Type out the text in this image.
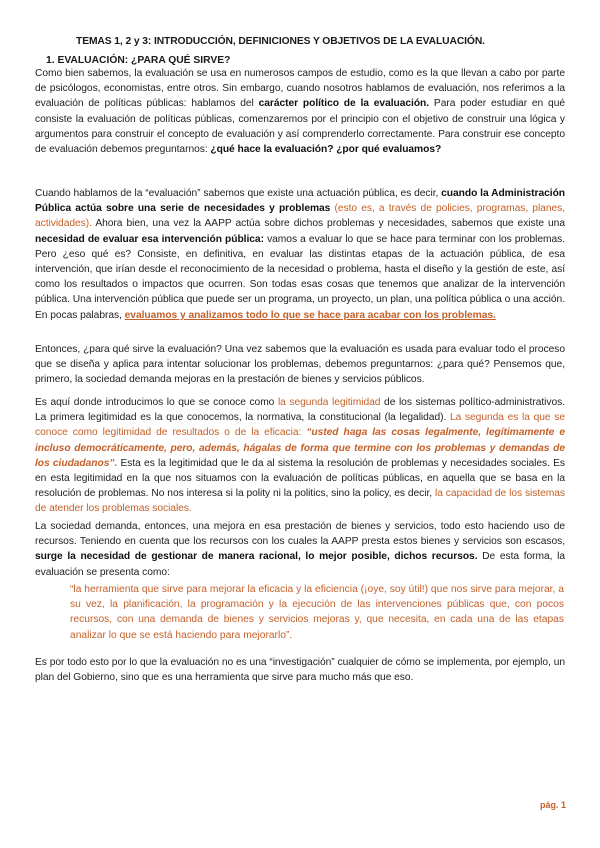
TEMAS 1, 2 y 3: INTRODUCCIÓN, DEFINICIONES Y OBJETIVOS DE LA EVALUACIÓN.
1. EVALUACIÓN: ¿PARA QUÉ SIRVE?

Como bien sabemos, la evaluación se usa en numerosos campos de estudio, como es la que llevan a cabo por parte de psicólogos, economistas, entre otros. Sin embargo, cuando nosotros hablamos de evaluación, nos referimos a la evaluación de políticas públicas: hablamos del carácter político de la evaluación. Para poder estudiar en qué consiste la evaluación de políticas públicas, comenzaremos por el principio con el objetivo de construir una lógica y argumentos para construir el concepto de evaluación y así comprenderlo correctamente. Para construir ese concepto de evaluación debemos preguntarnos: ¿qué hace la evaluación? ¿por qué evaluamos?

Cuando hablamos de la “evaluación” sabemos que existe una actuación pública, es decir, cuando la Administración Pública actúa sobre una serie de necesidades y problemas (esto es, a través de policies, programas, planes, actividades). Ahora bien, una vez la AAPP actúa sobre dichos problemas y necesidades, sabemos que existe una necesidad de evaluar esa intervención pública: vamos a evaluar lo que se hace para terminar con los problemas. Pero ¿eso qué es? Consiste, en definitiva, en evaluar las distintas etapas de la actuación pública, de esa intervención, que irían desde el reconocimiento de la necesidad o problema, hasta el diseño y la gestión de este, así como los resultados o impactos que ocurren. Son todas esas cosas que tenemos que analizar de la intervención pública. Una intervención pública que puede ser un programa, un proyecto, un plan, una política pública o una acción. En pocas palabras, evaluamos y analizamos todo lo que se hace para acabar con los problemas.

Entonces, ¿para qué sirve la evaluación? Una vez sabemos que la evaluación es usada para evaluar todo el proceso que se diseña y aplica para intentar solucionar los problemas, debemos preguntarnos: ¿para qué? Pensemos que, primero, la sociedad demanda mejoras en la prestación de bienes y servicios públicos.

Es aquí donde introducimos lo que se conoce como la segunda legitimidad de los sistemas político-administrativos. La primera legitimidad es la que conocemos, la normativa, la constitucional (la legalidad). La segunda es la que se conoce como legitimidad de resultados o de la eficacia: “usted haga las cosas legalmente, legítimamente e incluso democráticamente, pero, además, hágalas de forma que termine con los problemas y demandas de los ciudadanos”. Esta es la legitimidad que le da al sistema la resolución de problemas y necesidades sociales. Es en esta legitimidad en la que nos situamos con la evaluación de políticas públicas, en aquella que se basa en la resolución de problemas. No nos interesa si la polity ni la politics, sino la policy, es decir, la capacidad de los sistemas de atender los problemas sociales.

La sociedad demanda, entonces, una mejora en esa prestación de bienes y servicios, todo esto haciendo uso de recursos. Teniendo en cuenta que los recursos con los cuales la AAPP presta estos bienes y servicios son escasos, surge la necesidad de gestionar de manera racional, lo mejor posible, dichos recursos. De esta forma, la evaluación se presenta como:

“la herramienta que sirve para mejorar la eficacia y la eficiencia (¡oye, soy útil!) que nos sirve para mejorar, a su vez, la planificación, la programación y la ejecución de las intervenciones públicas que, con pocos recursos, con una demanda de bienes y servicios mejoras y, que necesita, en cada una de las etapas analizar lo que se está haciendo para mejorarlo”.

Es por todo esto por lo que la evaluación no es una “investigación” cualquier de cómo se implementa, por ejemplo, un plan del Gobierno, sino que es una herramienta que sirve para mucho más que eso.

pág. 1
